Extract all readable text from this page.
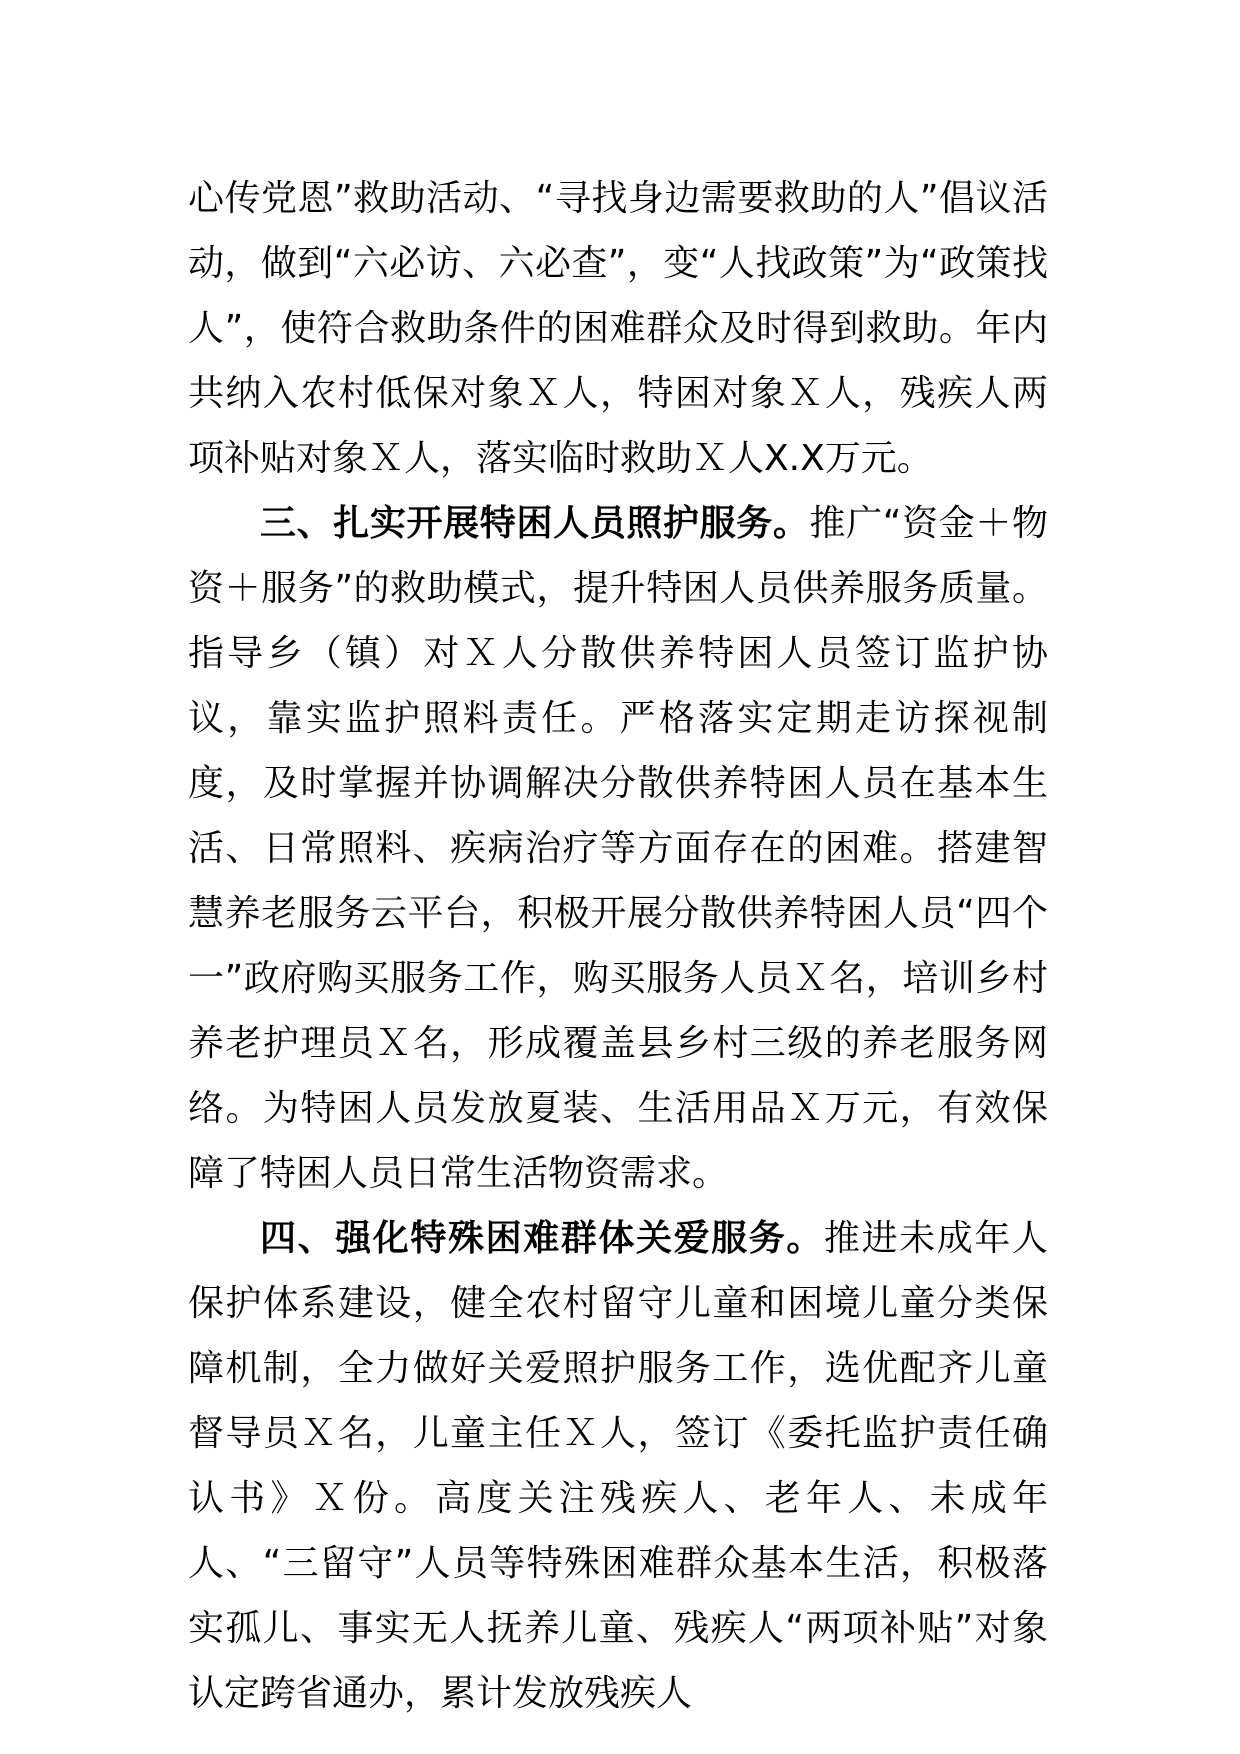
心传党恩”救助活动、“寻找身边需要救助的人”倡议活动，做到“六必访、六必查”，变“人找政策”为“政策找人”，使符合救助条件的困难群众及时得到救助。年内共纳入农村低保对象Ｘ人，特困对象Ｘ人，残疾人两项补贴对象Ｘ人，落实临时救助Ｘ人X.X万元。

三、扎实开展特困人员照护服务。推广“资金＋物资＋服务”的救助模式，提升特困人员供养服务质量。指导乡（镇）对Ｘ人分散供养特困人员签订监护协议，靠实监护照料责任。严格落实定期走访探视制度，及时掌握并协调解决分散供养特困人员在基本生活、日常照料、疾病治疗等方面存在的困难。搭建智慧养老服务云平台，积极开展分散供养特困人员“四个一”政府购买服务工作，购买服务人员Ｘ名，培训乡村养老护理员Ｘ名，形成覆盖县乡村三级的养老服务网络。为特困人员发放夏装、生活用品Ｘ万元，有效保障了特困人员日常生活物资需求。

四、强化特殊困难群体关爱服务。推进未成年人保护体系建设，健全农村留守儿童和困境儿童分类保障机制，全力做好关爱照护服务工作，选优配齐儿童督导员Ｘ名，儿童主任Ｘ人，签订《委托监护责任确认书》Ｘ份。高度关注残疾人、老年人、未成年人、“三留守”人员等特殊困难群众基本生活，积极落实孤儿、事实无人抚养儿童、残疾人“两项补贴”对象认定跨省通办，累计发放残疾人
